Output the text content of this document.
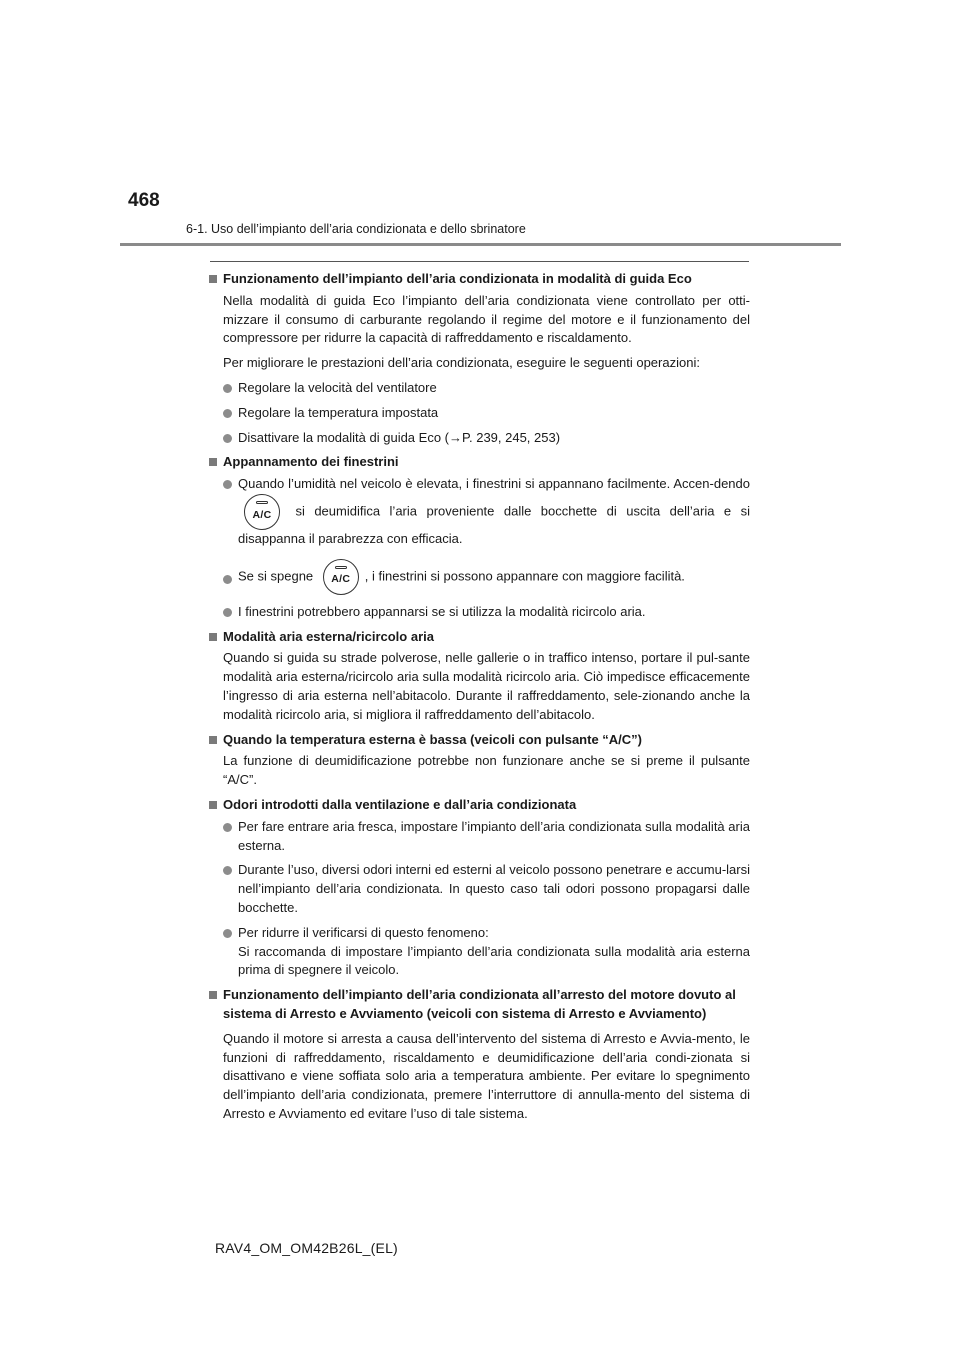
468
6-1. Uso dell’impianto dell’aria condizionata e dello sbrinatore
Funzionamento dell’impianto dell’aria condizionata in modalità di guida Eco
Nella modalità di guida Eco l’impianto dell’aria condizionata viene controllato per otti-mizzare il consumo di carburante regolando il regime del motore e il funzionamento del compressore per ridurre la capacità di raffreddamento e riscaldamento.
Per migliorare le prestazioni dell’aria condizionata, eseguire le seguenti operazioni:
Regolare la velocità del ventilatore
Regolare la temperatura impostata
Disattivare la modalità di guida Eco (→P. 239, 245, 253)
Appannamento dei finestrini
Quando l’umidità nel veicolo è elevata, i finestrini si appannano facilmente. Accen-dendo
A/C si deumidifica l’aria proveniente dalle bocchette di uscita dell’aria e si disappanna il parabrezza con efficacia.
Se si spegne A/C , i finestrini si possono appannare con maggiore facilità.
I finestrini potrebbero appannarsi se si utilizza la modalità ricircolo aria.
Modalità aria esterna/ricircolo aria
Quando si guida su strade polverose, nelle gallerie o in traffico intenso, portare il pul-sante modalità aria esterna/ricircolo aria sulla modalità ricircolo aria. Ciò impedisce efficacemente l’ingresso di aria esterna nell’abitacolo. Durante il raffreddamento, sele-zionando anche la modalità ricircolo aria, si migliora il raffreddamento dell’abitacolo.
Quando la temperatura esterna è bassa (veicoli con pulsante “A/C”)
La funzione di deumidificazione potrebbe non funzionare anche se si preme il pulsante “A/C”.
Odori introdotti dalla ventilazione e dall’aria condizionata
Per fare entrare aria fresca, impostare l’impianto dell’aria condizionata sulla modalità aria esterna.
Durante l’uso, diversi odori interni ed esterni al veicolo possono penetrare e accumu-larsi nell’impianto dell’aria condizionata. In questo caso tali odori possono propagarsi dalle bocchette.
Per ridurre il verificarsi di questo fenomeno:
Si raccomanda di impostare l’impianto dell’aria condizionata sulla modalità aria esterna prima di spegnere il veicolo.
Funzionamento dell’impianto dell’aria condizionata all’arresto del motore dovuto al sistema di Arresto e Avviamento (veicoli con sistema di Arresto e Avviamento)
Quando il motore si arresta a causa dell’intervento del sistema di Arresto e Avvia-mento, le funzioni di raffreddamento, riscaldamento e deumidificazione dell’aria condi-zionata si disattivano e viene soffiata solo aria a temperatura ambiente. Per evitare lo spegnimento dell’impianto dell’aria condizionata, premere l’interruttore di annulla-mento del sistema di Arresto e Avviamento ed evitare l’uso di tale sistema.
RAV4_OM_OM42B26L_(EL)
